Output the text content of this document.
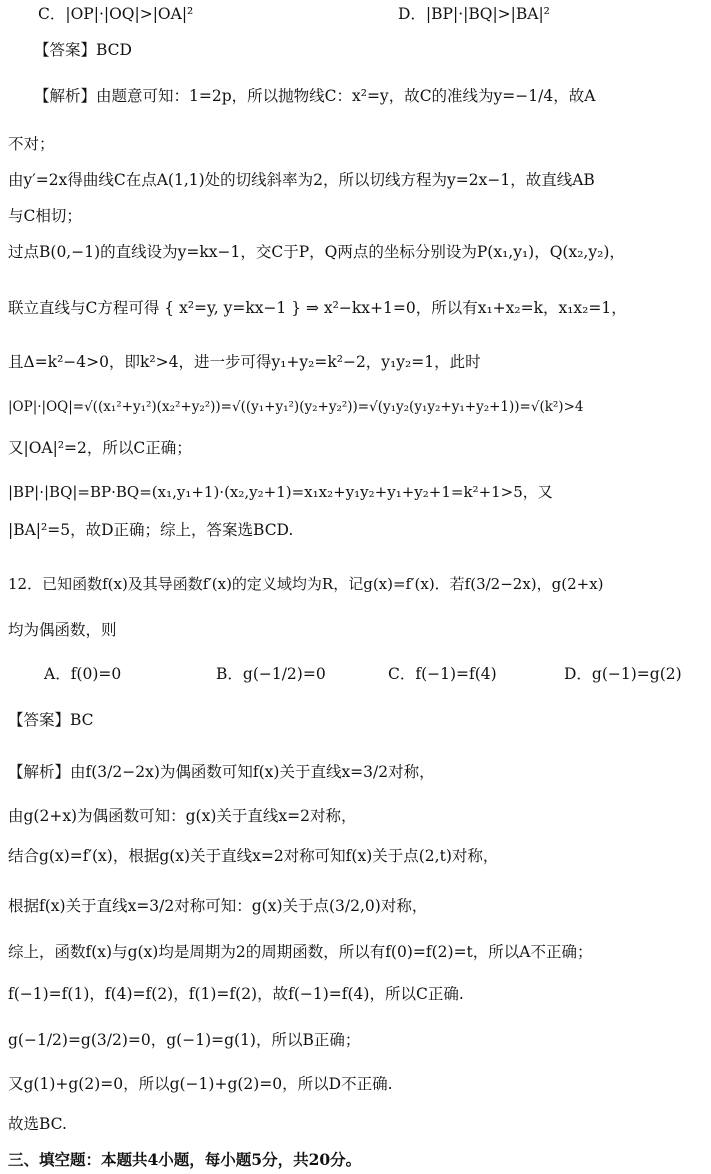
C．|OP|·|OQ|>|OA|²	D．|BP|·|BQ|>|BA|²
【答案】BCD
【解析】由题意可知：1=2p，所以抛物线C：x²=y，故C的准线为y=−1/4，故A
不对；
由y′=2x得曲线C在点A(1,1)处的切线斜率为2，所以切线方程为y=2x−1，故直线AB
与C相切；
过点B(0,−1)的直线设为y=kx−1，交C于P，Q两点的坐标分别设为P(x₁,y₁)，Q(x₂,y₂)，
联立直线与C方程可得 { x²=y, y=kx−1 } ⇒ x²−kx+1=0，所以有x₁+x₂=k，x₁x₂=1，
且Δ=k²−4>0，即k²>4，进一步可得y₁+y₂=k²−2，y₁y₂=1，此时
|OP|·|OQ|=√((x₁²+y₁²)(x₂²+y₂²))=√((y₁+y₁²)(y₂+y₂²))=√(y₁y₂(y₁y₂+y₁+y₂+1))=√(k²)>4
又|OA|²=2，所以C正确；
|BP|·|BQ|=BP·BQ=(x₁,y₁+1)·(x₂,y₂+1)=x₁x₂+y₁y₂+y₁+y₂+1=k²+1>5，又
|BA|²=5，故D正确；综上，答案选BCD.
12．已知函数f(x)及其导函数f′(x)的定义域均为R，记g(x)=f′(x)．若f(3/2−2x)，g(2+x)
均为偶函数，则
A．f(0)=0	B．g(−1/2)=0	C．f(−1)=f(4)	D．g(−1)=g(2)
【答案】BC
【解析】由f(3/2−2x)为偶函数可知f(x)关于直线x=3/2对称，
由g(2+x)为偶函数可知：g(x)关于直线x=2对称，
结合g(x)=f′(x)，根据g(x)关于直线x=2对称可知f(x)关于点(2,t)对称，
根据f(x)关于直线x=3/2对称可知：g(x)关于点(3/2,0)对称，
综上，函数f(x)与g(x)均是周期为2的周期函数，所以有f(0)=f(2)=t，所以A不正确；
f(−1)=f(1)，f(4)=f(2)，f(1)=f(2)，故f(−1)=f(4)，所以C正确.
g(−1/2)=g(3/2)=0，g(−1)=g(1)，所以B正确；
又g(1)+g(2)=0，所以g(−1)+g(2)=0，所以D不正确.
故选BC.
三、填空题：本题共4小题，每小题5分，共20分。
